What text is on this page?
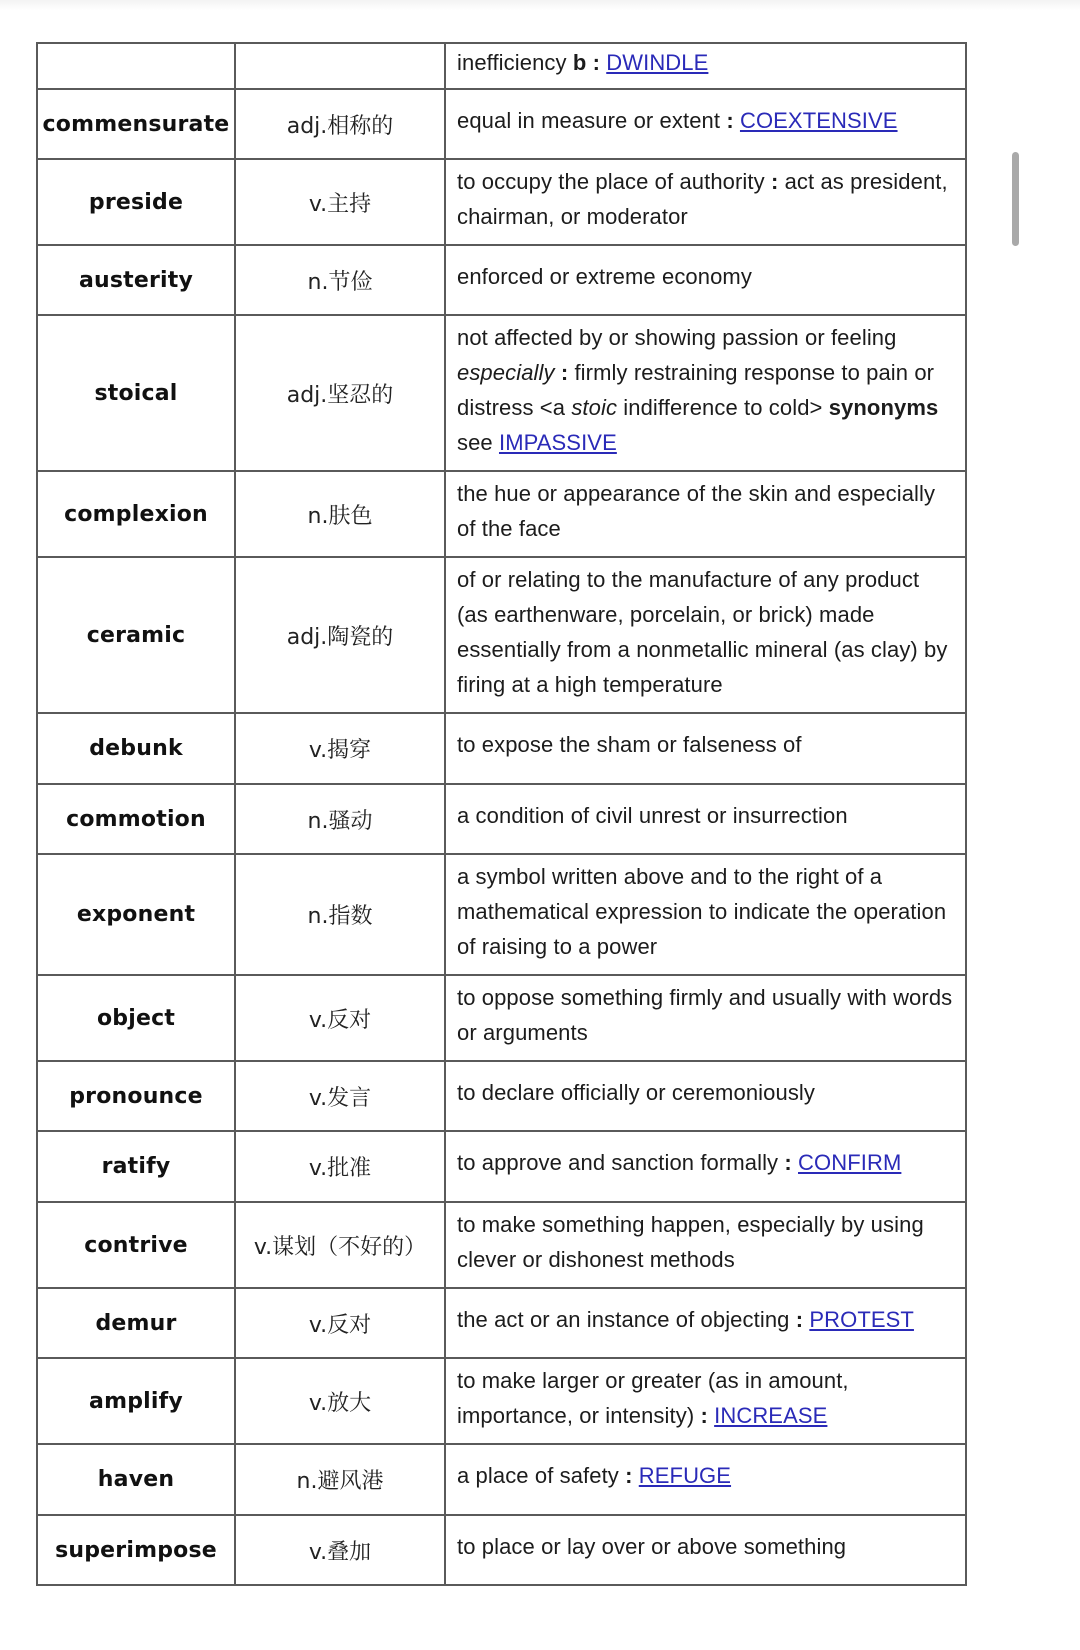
		inefficiency b : DWINDLE
commensurate	adj.相称的	equal in measure or extent : COEXTENSIVE
preside	v.主持	to occupy the place of authority : act as president, chairman, or moderator
austerity	n.节俭	enforced or extreme economy
stoical	adj.坚忍的	not affected by or showing passion or feeling especially : firmly restraining response to pain or distress <a stoic indifference to cold> synonyms see IMPASSIVE
complexion	n.肤色	the hue or appearance of the skin and especially of the face
ceramic	adj.陶瓷的	of or relating to the manufacture of any product (as earthenware, porcelain, or brick) made essentially from a nonmetallic mineral (as clay) by firing at a high temperature
debunk	v.揭穿	to expose the sham or falseness of
commotion	n.骚动	a condition of civil unrest or insurrection
exponent	n.指数	a symbol written above and to the right of a mathematical expression to indicate the operation of raising to a power
object	v.反对	to oppose something firmly and usually with words or arguments
pronounce	v.发言	to declare officially or ceremoniously
ratify	v.批准	to approve and sanction formally : CONFIRM
contrive	v.谋划（不好的）	to make something happen, especially by using clever or dishonest methods
demur	v.反对	the act or an instance of objecting : PROTEST
amplify	v.放大	to make larger or greater (as in amount, importance, or intensity) : INCREASE
haven	n.避风港	a place of safety : REFUGE
superimpose	v.叠加	to place or lay over or above something
